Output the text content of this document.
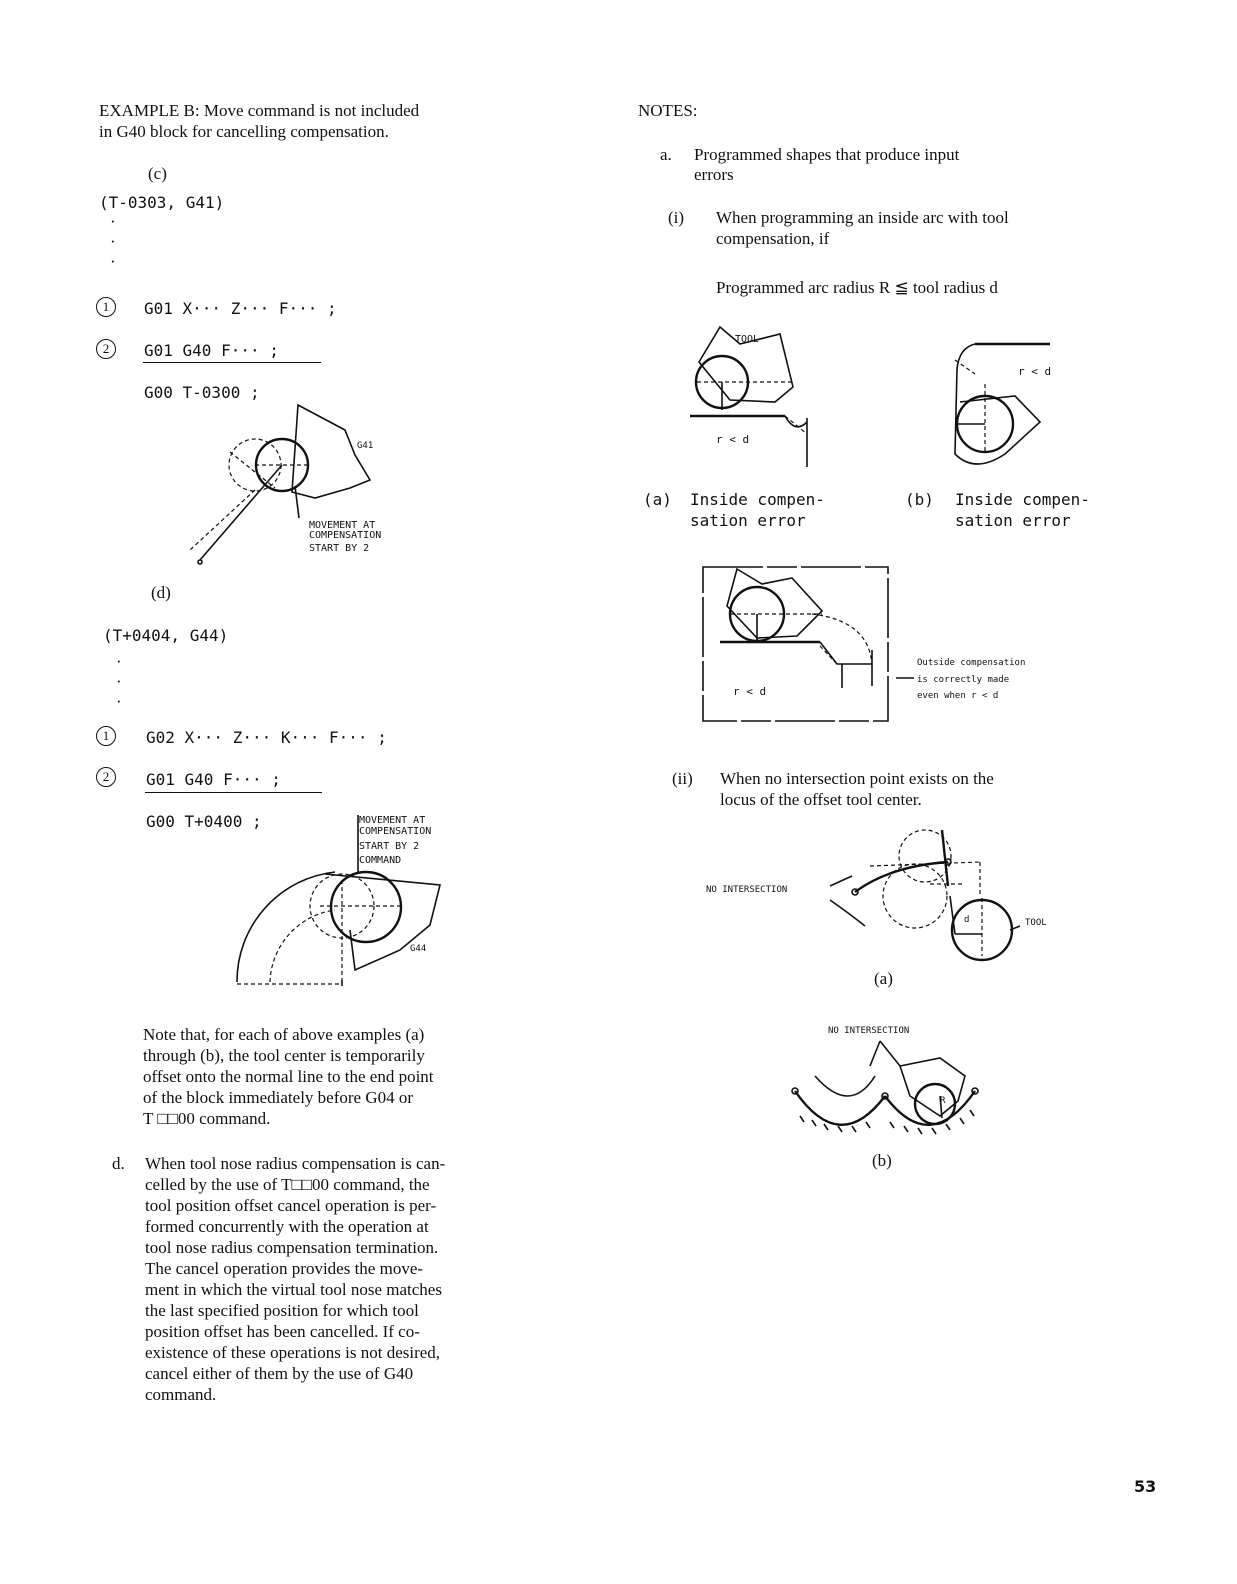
EXAMPLE B: Move command is not included
in G40 block for cancelling compensation.
(c)
(T-0303, G41)
·
·
·
1	G01 X··· Z··· F··· ;
2	G01 G40 F··· ;
G00 T-0300 ;
G41
MOVEMENT AT
COMPENSATION
START BY 2
(d)
(T+0404, G44)
·
·
·
1	G02 X··· Z··· K··· F··· ;
2	G01 G40 F··· ;
G00 T+0400 ;	MOVEMENT AT
COMPENSATION
START BY 2
COMMAND
G44
Note that, for each of above examples (a)
through (b), the tool center is temporarily
offset onto the normal line to the end point
of the block immediately before G04 or
T □□00 command.
d. When tool nose radius compensation is can-
celled by the use of T□□00 command, the
tool position offset cancel operation is per-
formed concurrently with the operation at
tool nose radius compensation termination.
The cancel operation provides the move-
ment in which the virtual tool nose matches
the last specified position for which tool
position offset has been cancelled. If co-
existence of these operations is not desired,
cancel either of them by the use of G40
command.
NOTES:
a. Programmed shapes that produce input
errors
(i) When programming an inside arc with tool
compensation, if
Programmed arc radius R ≦ tool radius d
TOOL
r < d
r < d
(a) Inside compen-
sation error
(b) Inside compen-
sation error
r < d
Outside compensation
is correctly made
even when r < d
(ii) When no intersection point exists on the
locus of the offset tool center.
NO INTERSECTION
d	TOOL
(a)
NO INTERSECTION
R
(b)
53
